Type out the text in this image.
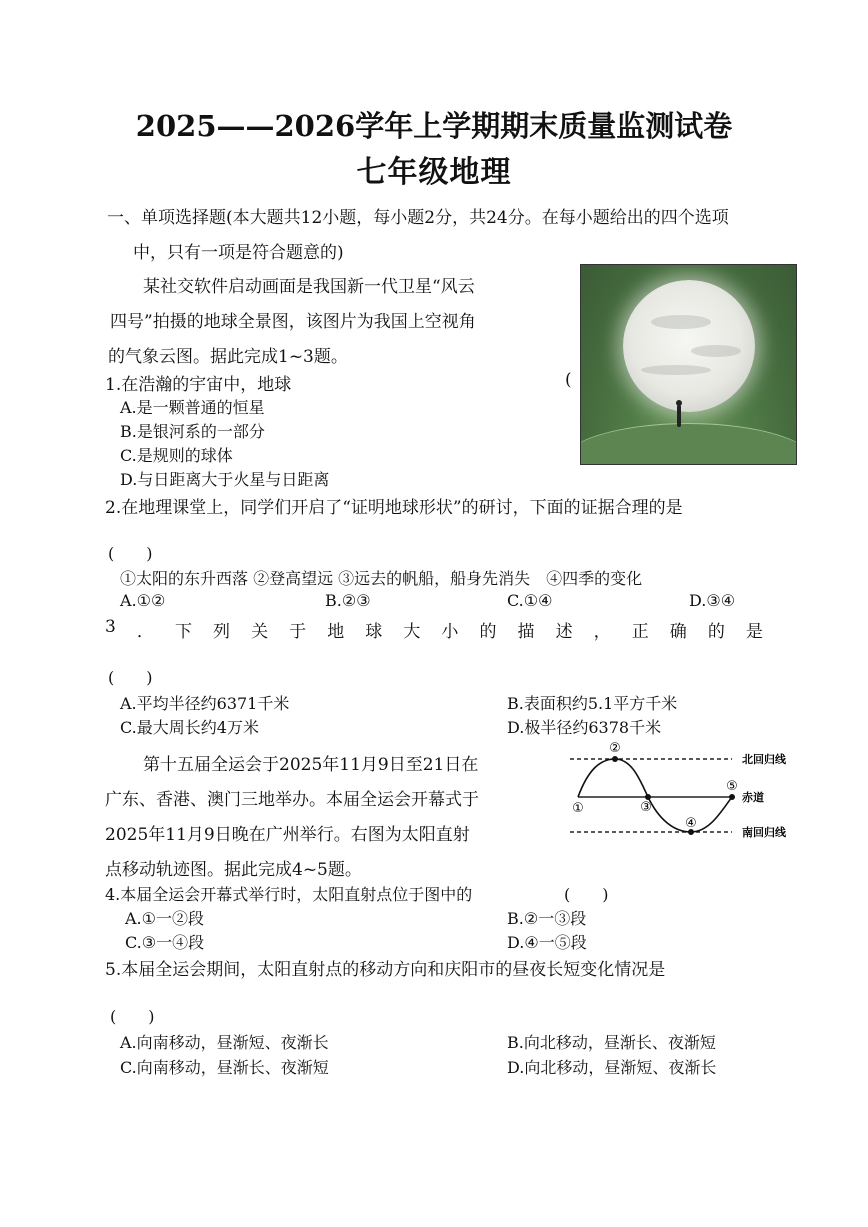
2025——2026学年上学期期末质量监测试卷
七年级地理
一、单项选择题(本大题共12小题，每小题2分，共24分。在每小题给出的四个选项
中，只有一项是符合题意的)
某社交软件启动画面是我国新一代卫星“风云
四号”拍摄的地球全景图，该图片为我国上空视角
的气象云图。据此完成1~3题。
1.在浩瀚的宇宙中，地球	(
A.是一颗普通的恒星
B.是银河系的一部分
C.是规则的球体
D.与日距离大于火星与日距离
2.在地理课堂上，同学们开启了“证明地球形状”的研讨，下面的证据合理的是
(　　)
①太阳的东升西落 ②登高望远 ③远去的帆船，船身先消失　④四季的变化
A.①②	B.②③	C.①④	D.③④
3 ． 下 列 关 于 地 球 大 小 的 描 述 ， 正 确 的 是
(　　)
A.平均半径约6371千米	B.表面积约5.1平方千米
C.最大周长约4万米	D.极半径约6378千米
第十五届全运会于2025年11月9日至21日在
广东、香港、澳门三地举办。本届全运会开幕式于
2025年11月9日晚在广州举行。右图为太阳直射
点移动轨迹图。据此完成4~5题。
①
②
③
④
⑤
北回归线
赤道
南回归线
4.本届全运会开幕式举行时，太阳直射点位于图中的	(　　)
A.①一②段	B.②一③段
C.③一④段	D.④一⑤段
5.本届全运会期间，太阳直射点的移动方向和庆阳市的昼夜长短变化情况是
(　　)
A.向南移动，昼渐短、夜渐长	B.向北移动，昼渐长、夜渐短
C.向南移动，昼渐长、夜渐短	D.向北移动，昼渐短、夜渐长
